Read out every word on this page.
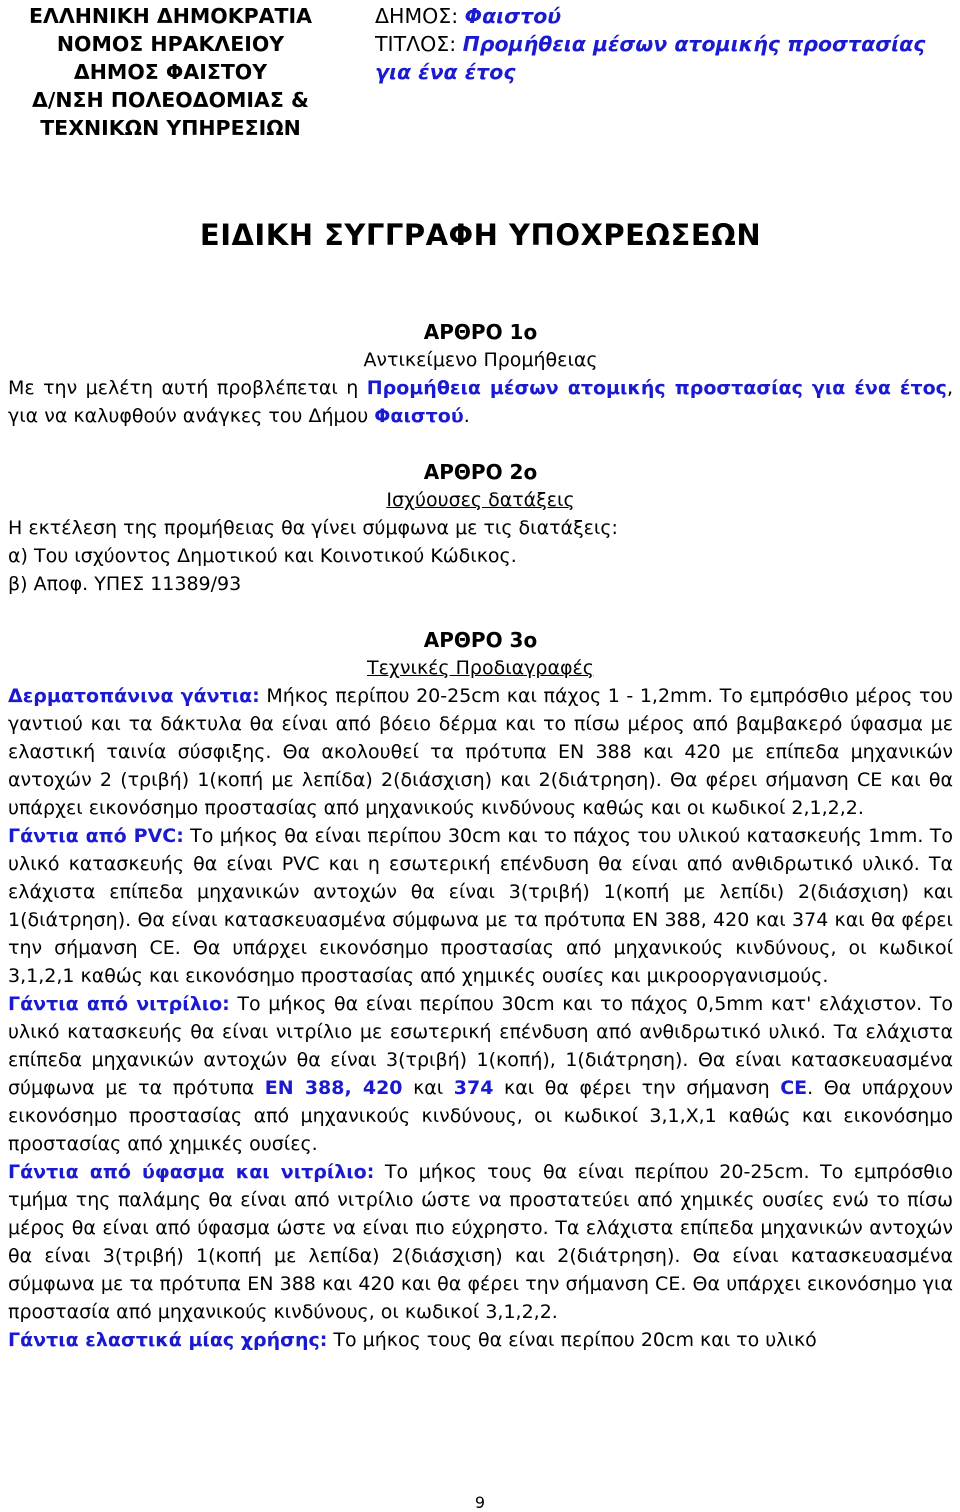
ΕΛΛΗΝΙΚΗ ΔΗΜΟΚΡΑΤΙΑ
ΝΟΜΟΣ ΗΡΑΚΛΕΙΟΥ
ΔΗΜΟΣ ΦΑΙΣΤΟΥ
Δ/ΝΣΗ ΠΟΛΕΟΔΟΜΙΑΣ &
ΤΕΧΝΙΚΩΝ ΥΠΗΡΕΣΙΩΝ
ΔΗΜΟΣ: Φαιστού
ΤΙΤΛΟΣ: Προμήθεια μέσων ατομικής προστασίας
για ένα έτος
ΕΙΔΙΚΗ ΣΥΓΓΡΑΦΗ ΥΠΟΧΡΕΩΣΕΩΝ
ΑΡΘΡΟ 1ο
Αντικείμενο Προμήθειας
Με την μελέτη αυτή προβλέπεται η Προμήθεια μέσων ατομικής προστασίας για ένα έτος, για να καλυφθούν ανάγκες του Δήμου Φαιστού.
ΑΡΘΡΟ 2ο
Ισχύουσες δατάξεις
Η εκτέλεση της προμήθειας θα γίνει σύμφωνα με τις διατάξεις:
α) Του ισχύοντος Δημοτικού και Κοινοτικού Κώδικος.
β) Αποφ. ΥΠΕΣ 11389/93
ΑΡΘΡΟ 3ο
Τεχνικές Προδιαγραφές
Δερματοπάνινα γάντια: Μήκος περίπου 20-25cm και πάχος 1 - 1,2mm. Το εμπρόσθιο μέρος του γαντιού και τα δάκτυλα θα είναι από βόειο δέρμα και το πίσω μέρος από βαμβακερό ύφασμα με ελαστική ταινία σύσφιξης. Θα ακολουθεί τα πρότυπα EN 388 και 420 με επίπεδα μηχανικών αντοχών 2 (τριβή) 1(κοπή με λεπίδα) 2(διάσχιση) και 2(διάτρηση). Θα φέρει σήμανση CE και θα υπάρχει εικονόσημο προστασίας από μηχανικούς κινδύνους καθώς και οι κωδικοί 2,1,2,2.
Γάντια από PVC: Το μήκος θα είναι περίπου 30cm και το πάχος του υλικού κατασκευής 1mm. Το υλικό κατασκευής θα είναι PVC και η εσωτερική επένδυση θα είναι από ανθιδρωτικό υλικό. Τα ελάχιστα επίπεδα μηχανικών αντοχών θα είναι 3(τριβή) 1(κοπή με λεπίδι) 2(διάσχιση) και 1(διάτρηση). Θα είναι κατασκευασμένα σύμφωνα με τα πρότυπα EN 388, 420 και 374 και θα φέρει την σήμανση CE. Θα υπάρχει εικονόσημο προστασίας από μηχανικούς κινδύνους, οι κωδικοί 3,1,2,1 καθώς και εικονόσημο προστασίας από χημικές ουσίες και μικροοργανισμούς.
Γάντια από νιτρίλιο: Το μήκος θα είναι περίπου 30cm και το πάχος 0,5mm κατ' ελάχιστον. Το υλικό κατασκευής θα είναι νιτρίλιο με εσωτερική επένδυση από ανθιδρωτικό υλικό. Τα ελάχιστα επίπεδα μηχανικών αντοχών θα είναι 3(τριβή) 1(κοπή), 1(διάτρηση). Θα είναι κατασκευασμένα σύμφωνα με τα πρότυπα EN 388, 420 και 374 και θα φέρει την σήμανση CE. Θα υπάρχουν εικονόσημο προστασίας από μηχανικούς κινδύνους, οι κωδικοί 3,1,Χ,1 καθώς και εικονόσημο προστασίας από χημικές ουσίες.
Γάντια από ύφασμα και νιτρίλιο: Το μήκος τους θα είναι περίπου 20-25cm. Το εμπρόσθιο τμήμα της παλάμης θα είναι από νιτρίλιο ώστε να προστατεύει από χημικές ουσίες ενώ το πίσω μέρος θα είναι από ύφασμα ώστε να είναι πιο εύχρηστο. Τα ελάχιστα επίπεδα μηχανικών αντοχών θα είναι 3(τριβή) 1(κοπή με λεπίδα) 2(διάσχιση) και 2(διάτρηση). Θα είναι κατασκευασμένα σύμφωνα με τα πρότυπα EN 388 και 420 και θα φέρει την σήμανση CE. Θα υπάρχει εικονόσημο για προστασία από μηχανικούς κινδύνους, οι κωδικοί 3,1,2,2.
Γάντια ελαστικά μίας χρήσης: Το μήκος τους θα είναι περίπου 20cm και το υλικό
9
